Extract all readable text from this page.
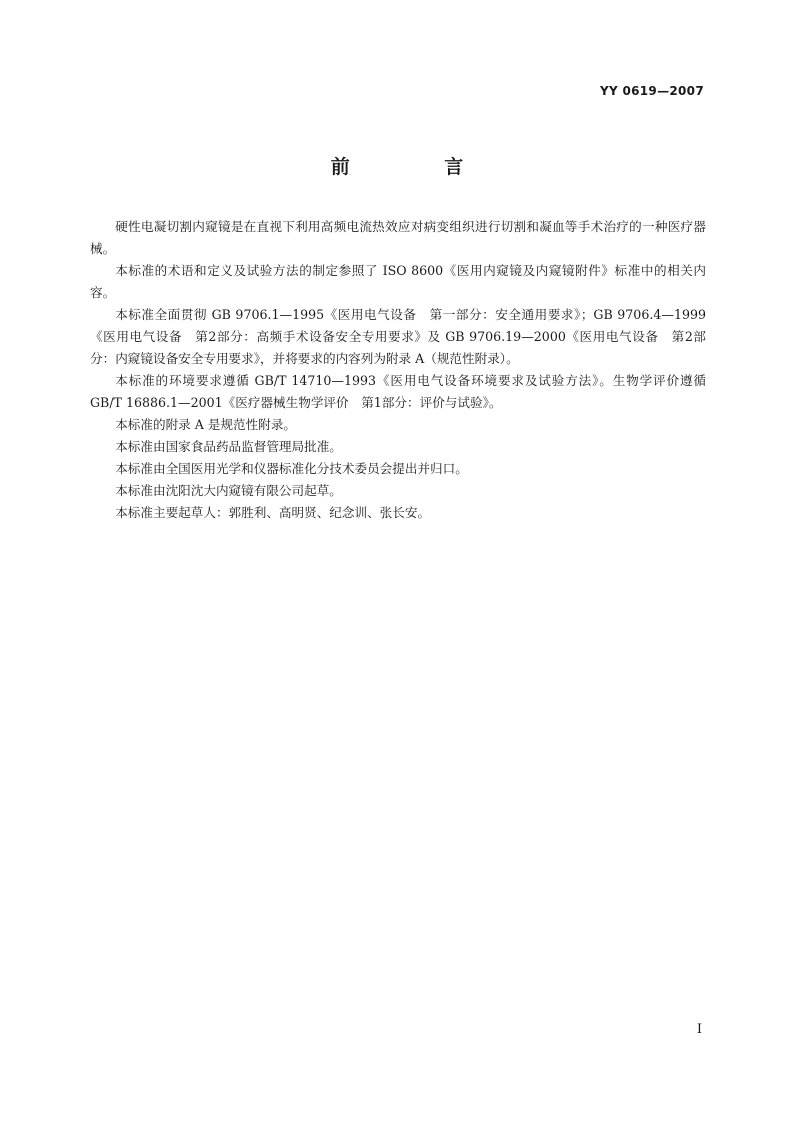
YY 0619—2007
前 言

硬性电凝切割内窥镜是在直视下利用高频电流热效应对病变组织进行切割和凝血等手术治疗的一种医疗器械。

本标准的术语和定义及试验方法的制定参照了 ISO 8600《医用内窥镜及内窥镜附件》标准中的相关内容。

本标准全面贯彻 GB 9706.1—1995《医用电气设备　第一部分：安全通用要求》；GB 9706.4—1999《医用电气设备　第2部分：高频手术设备安全专用要求》及 GB 9706.19—2000《医用电气设备　第2部分：内窥镜设备安全专用要求》，并将要求的内容列为附录 A（规范性附录）。

本标准的环境要求遵循 GB/T 14710—1993《医用电气设备环境要求及试验方法》。生物学评价遵循 GB/T 16886.1—2001《医疗器械生物学评价　第1部分：评价与试验》。

本标准的附录 A 是规范性附录。

本标准由国家食品药品监督管理局批准。

本标准由全国医用光学和仪器标准化分技术委员会提出并归口。

本标准由沈阳沈大内窥镜有限公司起草。

本标准主要起草人：郭胜利、高明贤、纪念训、张长安。

I
